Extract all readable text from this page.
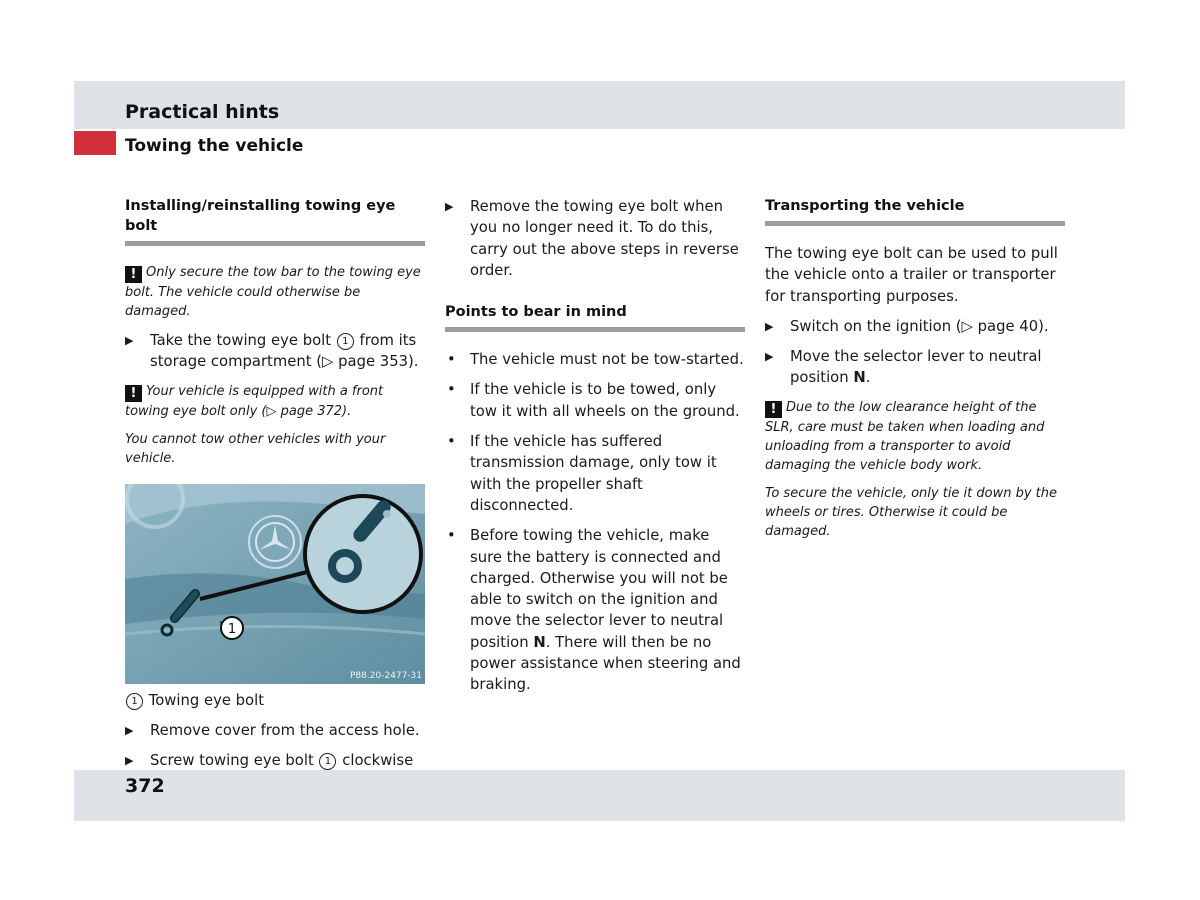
Practical hints
Towing the vehicle
Installing/reinstalling towing eye bolt
! Only secure the tow bar to the towing eye bolt. The vehicle could otherwise be damaged.
▶ Take the towing eye bolt 1 from its storage compartment (▷ page 353).
! Your vehicle is equipped with a front towing eye bolt only (▷ page 372).
You cannot tow other vehicles with your vehicle.
1
P88.20-2477-31
1 Towing eye bolt
▶ Remove cover from the access hole.
▶ Screw towing eye bolt 1 clockwise
▶ Remove the towing eye bolt when you no longer need it. To do this, carry out the above steps in reverse order.
Points to bear in mind
• The vehicle must not be tow-started.
• If the vehicle is to be towed, only tow it with all wheels on the ground.
• If the vehicle has suffered transmission damage, only tow it with the propeller shaft disconnected.
• Before towing the vehicle, make sure the battery is connected and charged. Otherwise you will not be able to switch on the ignition and move the selector lever to neutral position N. There will then be no power assistance when steering and braking.
Transporting the vehicle
The towing eye bolt can be used to pull the vehicle onto a trailer or transporter for transporting purposes.
▶ Switch on the ignition (▷ page 40).
▶ Move the selector lever to neutral position N.
! Due to the low clearance height of the SLR, care must be taken when loading and unloading from a transporter to avoid damaging the vehicle body work.
To secure the vehicle, only tie it down by the wheels or tires. Otherwise it could be damaged.
372
